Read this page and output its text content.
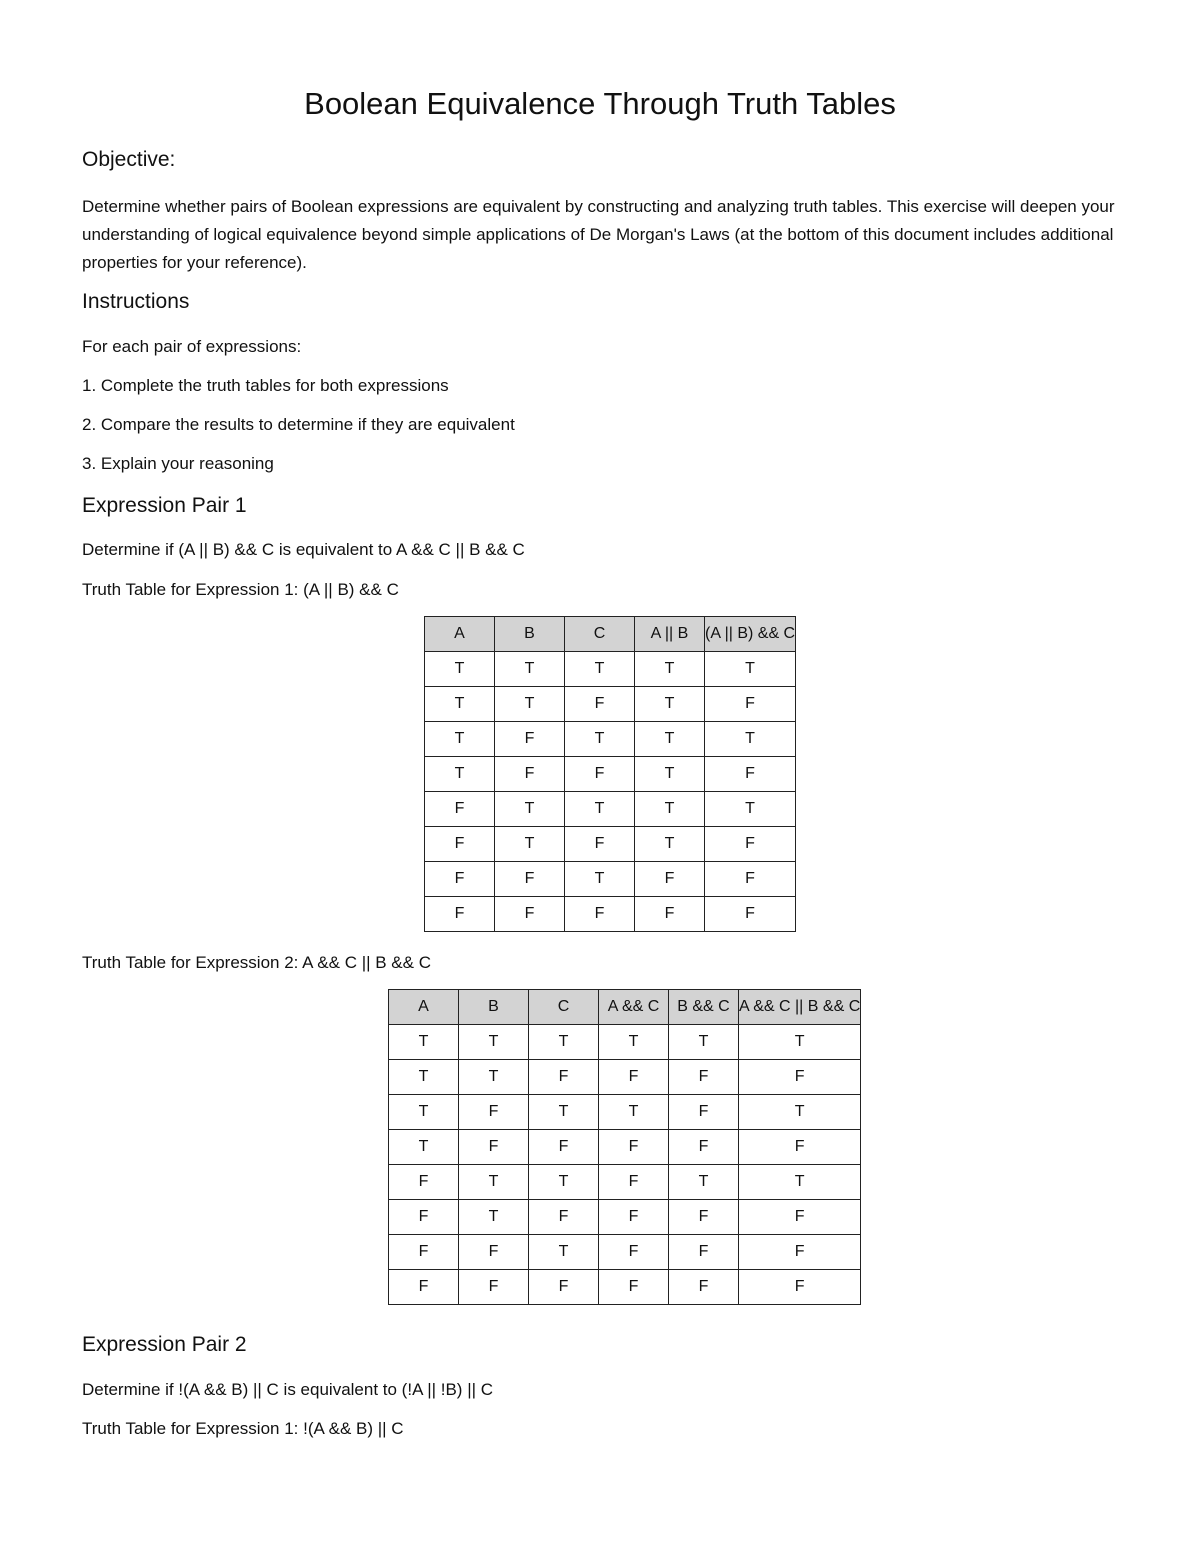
Boolean Equivalence Through Truth Tables
Objective:
Determine whether pairs of Boolean expressions are equivalent by constructing and analyzing truth tables. This exercise will deepen your understanding of logical equivalence beyond simple applications of De Morgan's Laws (at the bottom of this document includes additional properties for your reference).
Instructions
For each pair of expressions:
1. Complete the truth tables for both expressions
2. Compare the results to determine if they are equivalent
3. Explain your reasoning
Expression Pair 1
Determine if (A || B) && C is equivalent to A && C || B && C
Truth Table for Expression 1: (A || B) && C
A	B	C	A || B	(A || B) && C
T	T	T	T	T
T	T	F	T	F
T	F	T	T	T
T	F	F	T	F
F	T	T	T	T
F	T	F	T	F
F	F	T	F	F
F	F	F	F	F
Truth Table for Expression 2: A && C || B && C
A	B	C	A && C	B && C	A && C || B && C
T	T	T	T	T	T
T	T	F	F	F	F
T	F	T	T	F	T
T	F	F	F	F	F
F	T	T	F	T	T
F	T	F	F	F	F
F	F	T	F	F	F
F	F	F	F	F	F
Expression Pair 2
Determine if !(A && B) || C is equivalent to (!A || !B) || C
Truth Table for Expression 1: !(A && B) || C
